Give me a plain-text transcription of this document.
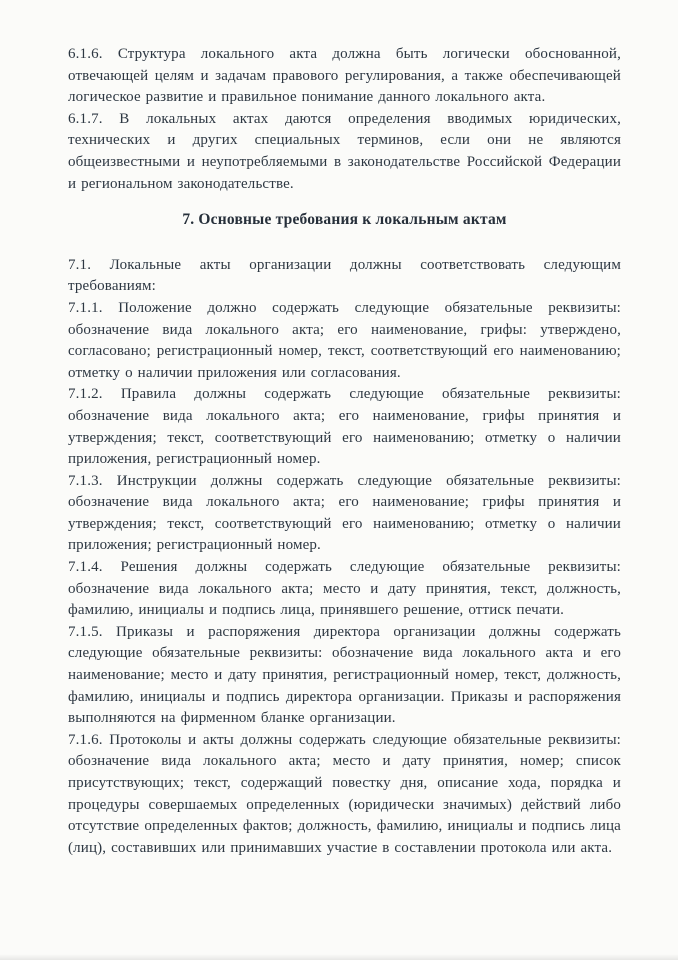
6.1.6. Структура локального акта должна быть логически обоснованной, отвечающей целям и задачам правового регулирования, а также обеспечивающей логическое развитие и правильное понимание данного локального акта.

6.1.7. В локальных актах даются определения вводимых юридических, технических и других специальных терминов, если они не являются общеизвестными и неупотребляемыми в законодательстве Российской Федерации и региональном законодательстве.

7. Основные требования к локальным актам

7.1. Локальные акты организации должны соответствовать следующим требованиям:

7.1.1. Положение должно содержать следующие обязательные реквизиты: обозначение вида локального акта; его наименование, грифы: утверждено, согласовано; регистрационный номер, текст, соответствующий его наименованию; отметку о наличии приложения или согласования.

7.1.2. Правила должны содержать следующие обязательные реквизиты: обозначение вида локального акта; его наименование, грифы принятия и утверждения; текст, соответствующий его наименованию; отметку о наличии приложения, регистрационный номер.

7.1.3. Инструкции должны содержать следующие обязательные реквизиты: обозначение вида локального акта; его наименование; грифы принятия и утверждения; текст, соответствующий его наименованию; отметку о наличии приложения; регистрационный номер.

7.1.4. Решения должны содержать следующие обязательные реквизиты: обозначение вида локального акта; место и дату принятия, текст, должность, фамилию, инициалы и подпись лица, принявшего решение, оттиск печати.

7.1.5. Приказы и распоряжения директора организации должны содержать следующие обязательные реквизиты: обозначение вида локального акта и его наименование; место и дату принятия, регистрационный номер, текст, должность, фамилию, инициалы и подпись директора организации. Приказы и распоряжения выполняются на фирменном бланке организации.

7.1.6. Протоколы и акты должны содержать следующие обязательные реквизиты: обозначение вида локального акта; место и дату принятия, номер; список присутствующих; текст, содержащий повестку дня, описание хода, порядка и процедуры совершаемых определенных (юридически значимых) действий либо отсутствие определенных фактов; должность, фамилию, инициалы и подпись лица (лиц), составивших или принимавших участие в составлении протокола или акта.
